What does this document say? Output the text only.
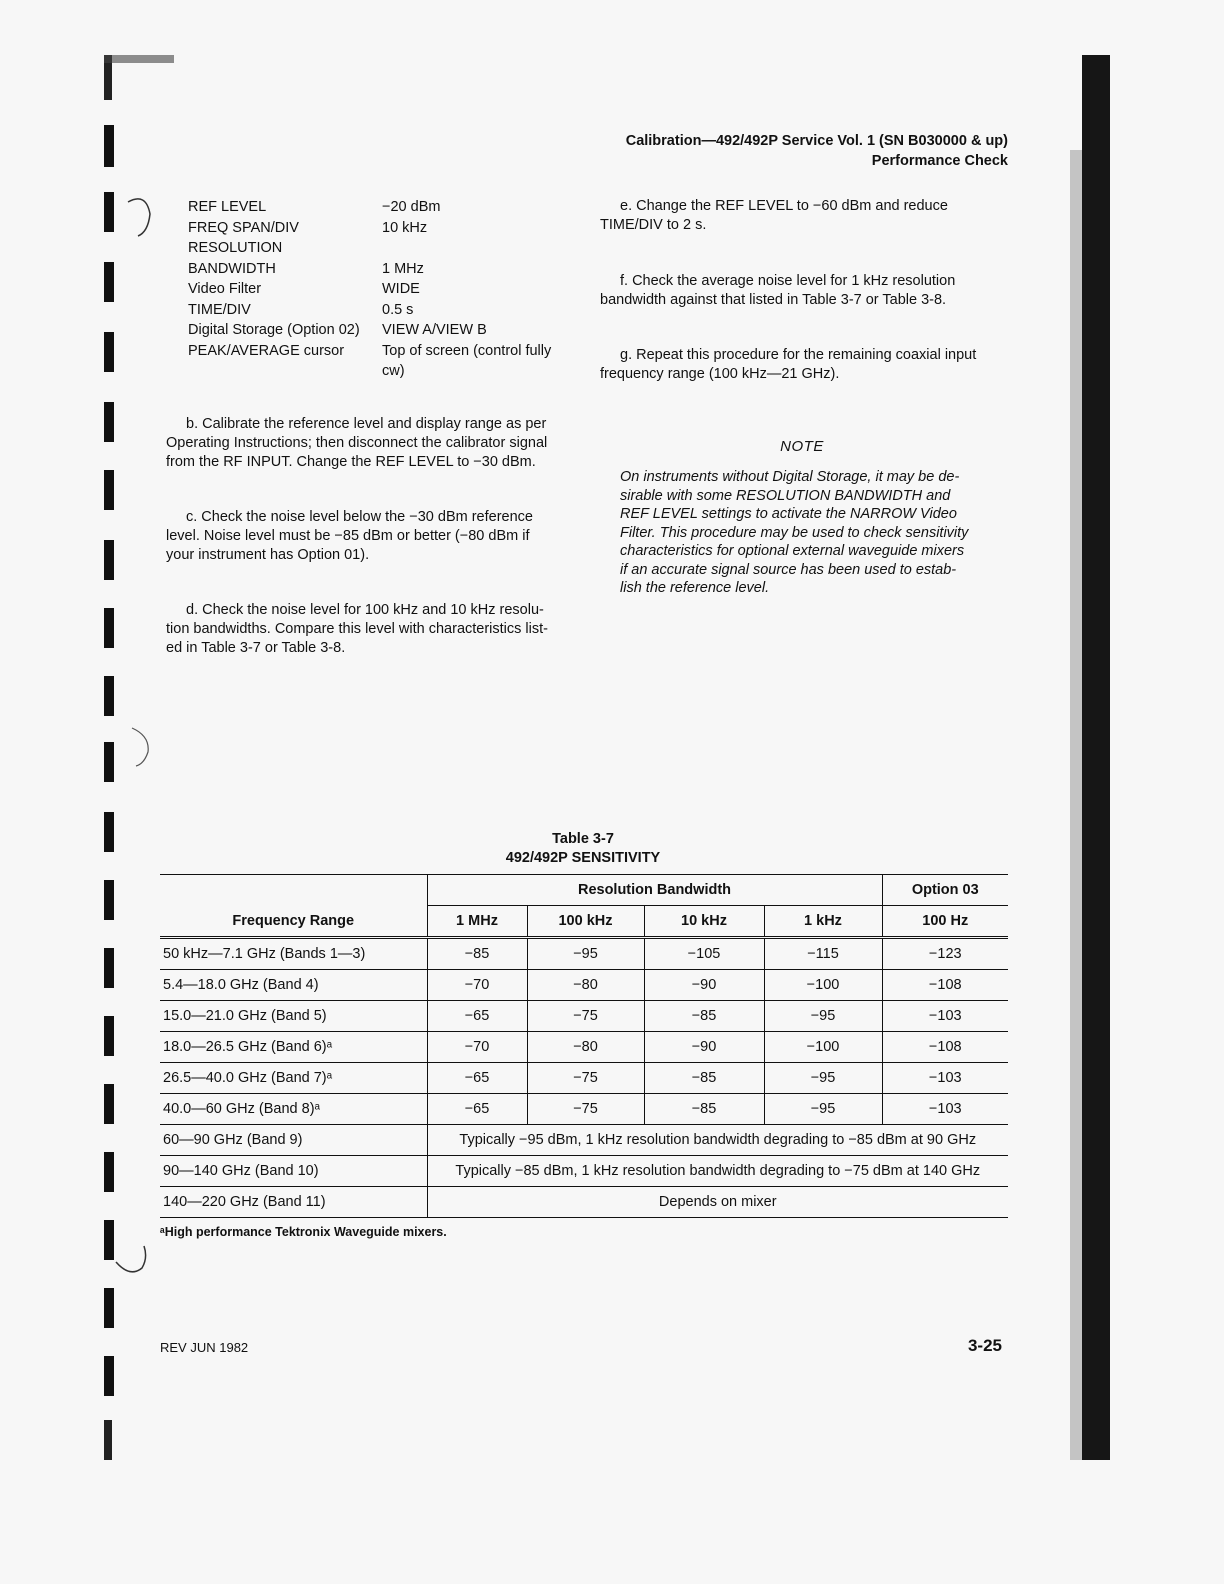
Calibration—492/492P Service Vol. 1 (SN B030000 & up)
Performance Check
REF LEVEL	−20 dBm
FREQ SPAN/DIV	10 kHz
RESOLUTION
BANDWIDTH	1 MHz
Video Filter	WIDE
TIME/DIV	0.5 s
Digital Storage (Option 02)	VIEW A/VIEW B
PEAK/AVERAGE cursor	Top of screen (control fully
cw)
b. Calibrate the reference level and display range as per
Operating Instructions; then disconnect the calibrator signal
from the RF INPUT. Change the REF LEVEL to −30 dBm.
c. Check the noise level below the −30 dBm reference
level. Noise level must be −85 dBm or better (−80 dBm if
your instrument has Option 01).
d. Check the noise level for 100 kHz and 10 kHz resolu-
tion bandwidths. Compare this level with characteristics list-
ed in Table 3-7 or Table 3-8.
e. Change the REF LEVEL to −60 dBm and reduce
TIME/DIV to 2 s.
f. Check the average noise level for 1 kHz resolution
bandwidth against that listed in Table 3-7 or Table 3-8.
g. Repeat this procedure for the remaining coaxial input
frequency range (100 kHz—21 GHz).
NOTE
On instruments without Digital Storage, it may be de-
sirable with some RESOLUTION BANDWIDTH and
REF LEVEL settings to activate the NARROW Video
Filter. This procedure may be used to check sensitivity
characteristics for optional external waveguide mixers
if an accurate signal source has been used to estab-
lish the reference level.
Table 3-7
492/492P SENSITIVITY
	Resolution Bandwidth				Option 03
Frequency Range	1 MHz	100 kHz	10 kHz	1 kHz	100 Hz
50 kHz—7.1 GHz (Bands 1—3)	−85	−95	−105	−115	−123
5.4—18.0 GHz (Band 4)	−70	−80	−90	−100	−108
15.0—21.0 GHz (Band 5)	−65	−75	−85	−95	−103
18.0—26.5 GHz (Band 6)ᵃ	−70	−80	−90	−100	−108
26.5—40.0 GHz (Band 7)ᵃ	−65	−75	−85	−95	−103
40.0—60 GHz (Band 8)ᵃ	−65	−75	−85	−95	−103
60—90 GHz (Band 9)	Typically −95 dBm, 1 kHz resolution bandwidth degrading to −85 dBm at 90 GHz				
90—140 GHz (Band 10)	Typically −85 dBm, 1 kHz resolution bandwidth degrading to −75 dBm at 140 GHz				
140—220 GHz (Band 11)	Depends on mixer				
ᵃHigh performance Tektronix Waveguide mixers.
REV JUN 1982	3-25
